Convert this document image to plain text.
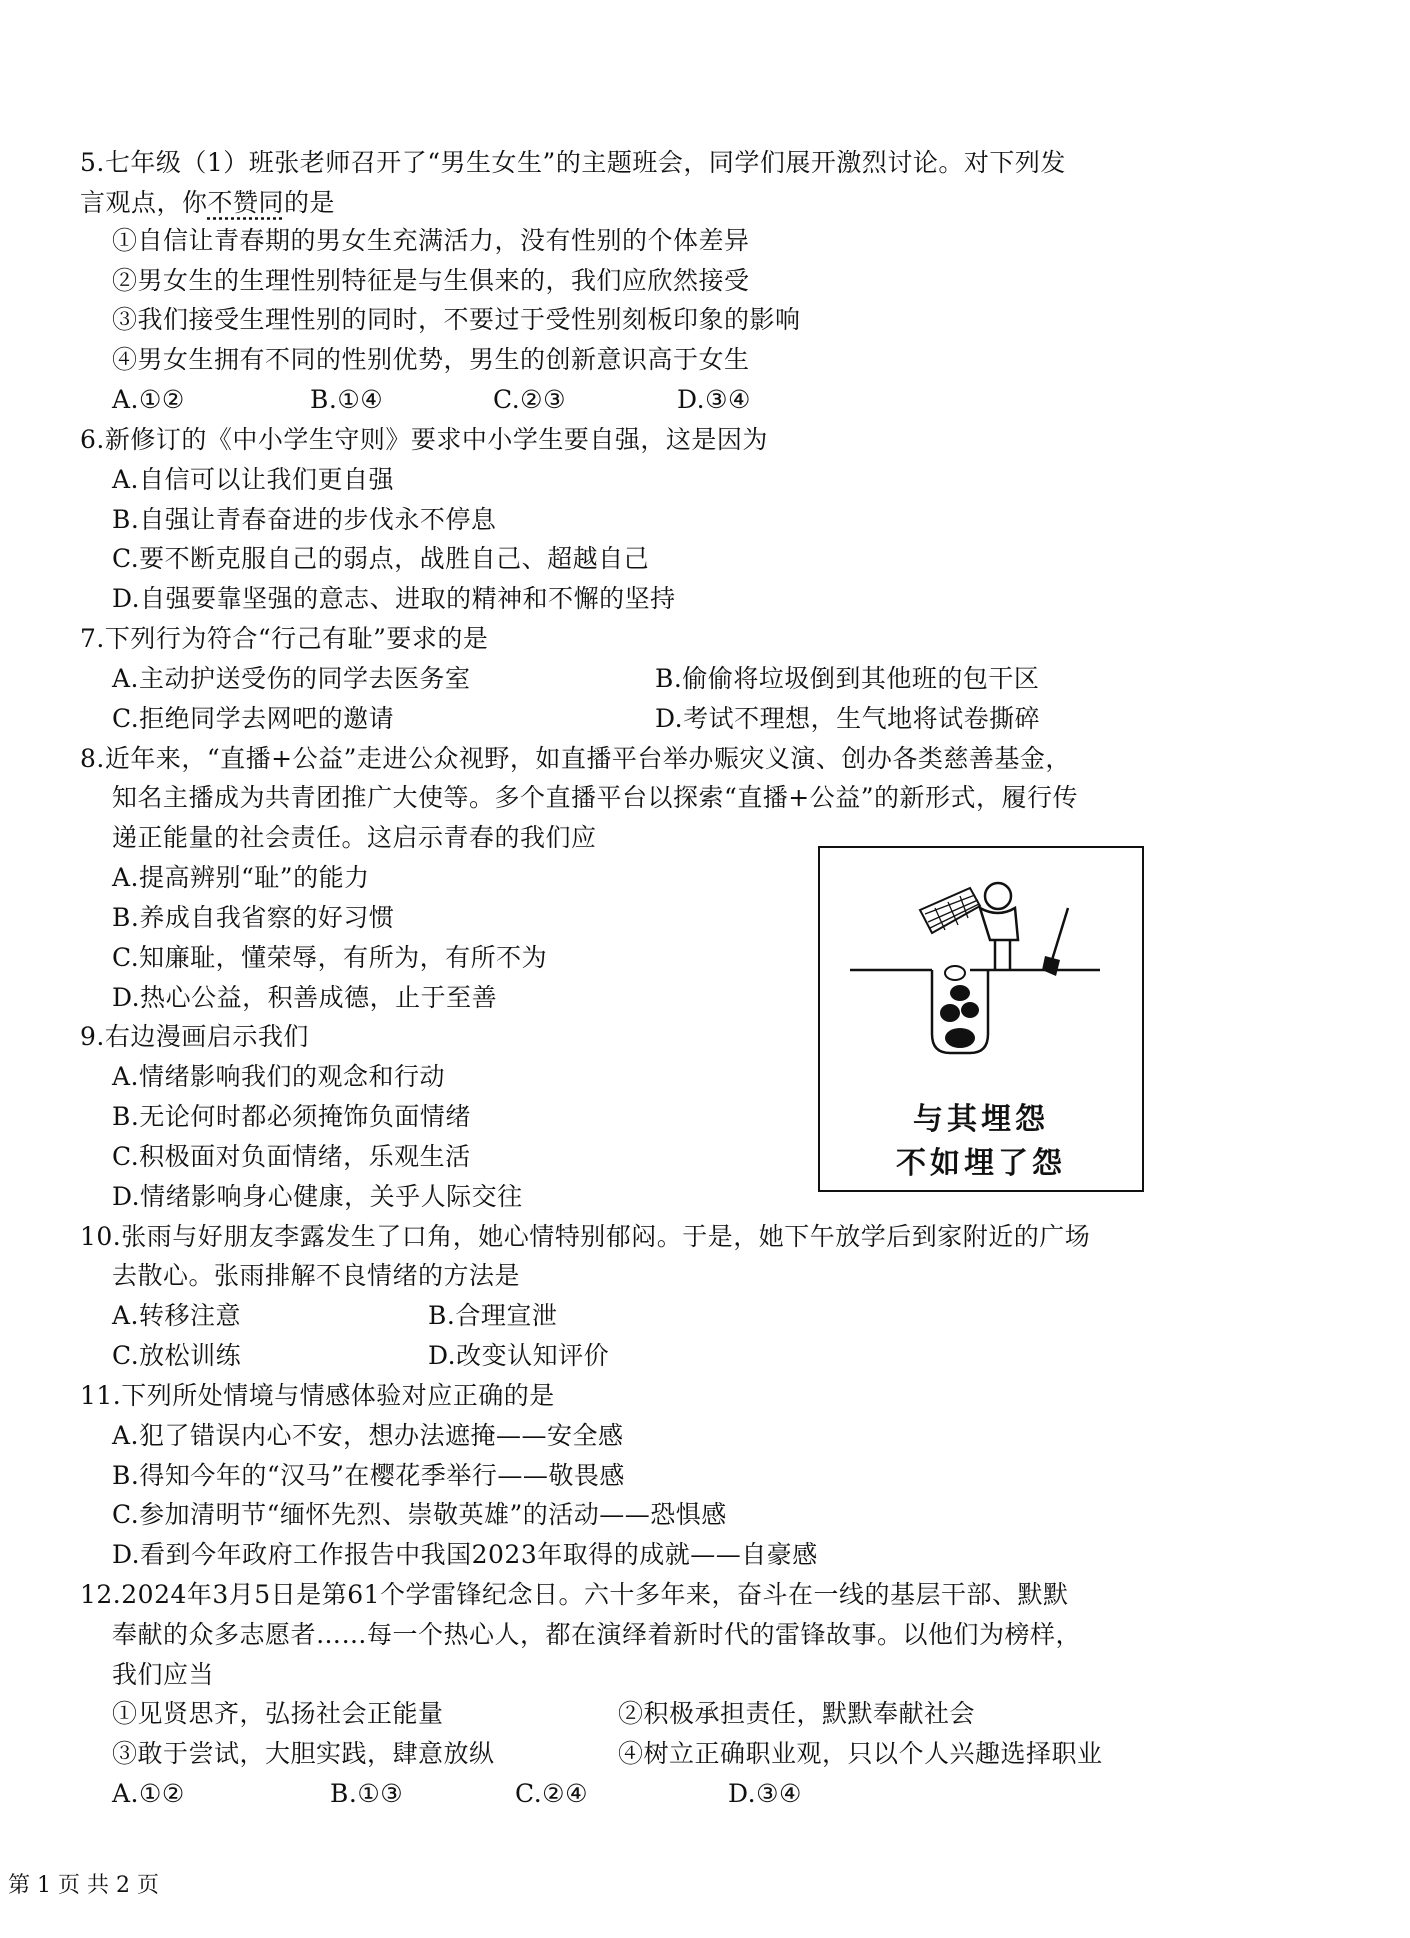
5.七年级（1）班张老师召开了“男生女生”的主题班会，同学们展开激烈讨论。对下列发
言观点，你不赞同的是
①自信让青春期的男女生充满活力，没有性别的个体差异
②男女生的生理性别特征是与生俱来的，我们应欣然接受
③我们接受生理性别的同时，不要过于受性别刻板印象的影响
④男女生拥有不同的性别优势，男生的创新意识高于女生
A.①②	B.①④	C.②③	D.③④
6.新修订的《中小学生守则》要求中小学生要自强，这是因为
A.自信可以让我们更自强
B.自强让青春奋进的步伐永不停息
C.要不断克服自己的弱点，战胜自己、超越自己
D.自强要靠坚强的意志、进取的精神和不懈的坚持
7.下列行为符合“行己有耻”要求的是
A.主动护送受伤的同学去医务室	B.偷偷将垃圾倒到其他班的包干区
C.拒绝同学去网吧的邀请	D.考试不理想，生气地将试卷撕碎
8.近年来，“直播+公益”走进公众视野，如直播平台举办赈灾义演、创办各类慈善基金，
知名主播成为共青团推广大使等。多个直播平台以探索“直播+公益”的新形式，履行传
递正能量的社会责任。这启示青春的我们应
A.提高辨别“耻”的能力
B.养成自我省察的好习惯
C.知廉耻，懂荣辱，有所为，有所不为
D.热心公益，积善成德，止于至善
9.右边漫画启示我们
A.情绪影响我们的观念和行动
B.无论何时都必须掩饰负面情绪
C.积极面对负面情绪，乐观生活
D.情绪影响身心健康，关乎人际交往
与其埋怨
不如埋了怨
10.张雨与好朋友李露发生了口角，她心情特别郁闷。于是，她下午放学后到家附近的广场
去散心。张雨排解不良情绪的方法是
A.转移注意	B.合理宣泄
C.放松训练	D.改变认知评价
11.下列所处情境与情感体验对应正确的是
A.犯了错误内心不安，想办法遮掩——安全感
B.得知今年的“汉马”在樱花季举行——敬畏感
C.参加清明节“缅怀先烈、崇敬英雄”的活动——恐惧感
D.看到今年政府工作报告中我国2023年取得的成就——自豪感
12.2024年3月5日是第61个学雷锋纪念日。六十多年来，奋斗在一线的基层干部、默默
奉献的众多志愿者……每一个热心人，都在演绎着新时代的雷锋故事。以他们为榜样，
我们应当
①见贤思齐，弘扬社会正能量	②积极承担责任，默默奉献社会
③敢于尝试，大胆实践，肆意放纵	④树立正确职业观，只以个人兴趣选择职业
A.①②	B.①③	C.②④	D.③④
第 1 页 共 2 页
